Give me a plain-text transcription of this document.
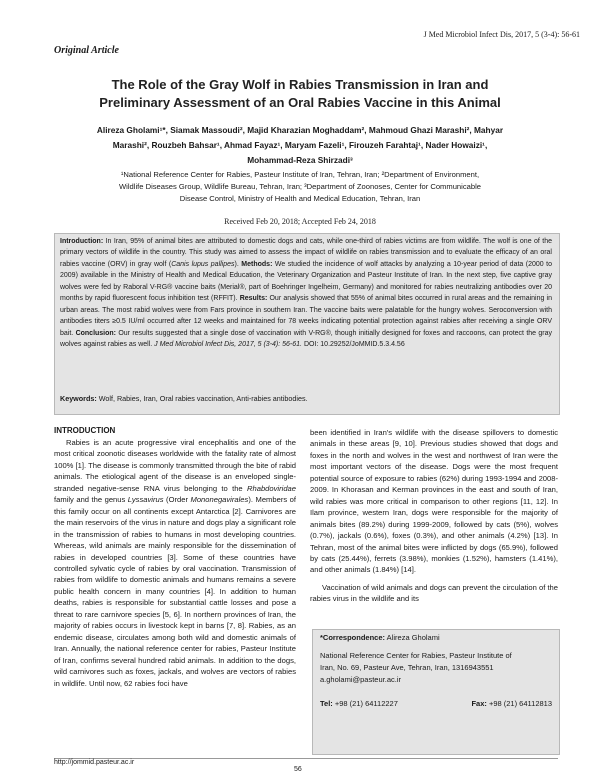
J Med Microbiol Infect Dis, 2017, 5 (3-4): 56-61
Original Article
The Role of the Gray Wolf in Rabies Transmission in Iran and
Preliminary Assessment of an Oral Rabies Vaccine in this Animal
Alireza Gholami¹*, Siamak Massoudi², Majid Kharazian Moghaddam², Mahmoud Ghazi Marashi², Mahyar
Marashi², Rouzbeh Bahsar¹, Ahmad Fayaz¹, Maryam Fazeli¹, Firouzeh Farahtaj¹, Nader Howaizi¹,
Mohammad-Reza Shirzadi³
¹National Reference Center for Rabies, Pasteur Institute of Iran, Tehran, Iran; ²Department of Environment,
Wildlife Diseases Group, Wildlife Bureau, Tehran, Iran; ³Department of Zoonoses, Center for Communicable
Disease Control, Ministry of Health and Medical Education, Tehran, Iran
Received Feb 20, 2018; Accepted Feb 24, 2018
Introduction: In Iran, 95% of animal bites are attributed to domestic dogs and cats, while one-third of rabies victims are from wildlife. The wolf is one of the primary vectors of wildlife in the country. This study was aimed to assess the impact of wildlife on rabies transmission and to evaluate the efficacy of an oral rabies vaccine (ORV) in gray wolf (Canis lupus pallipes). Methods: We studied the incidence of wolf attacks by analyzing a 10-year period of data (2000 to 2009) available in the Ministry of Health and Medical Education, the Veterinary Organization and Pasteur Institute of Iran. In the next step, five captive gray wolves were fed by Raboral V-RG® vaccine baits (Merial®, part of Boehringer Ingelheim, Germany) and monitored for rabies neutralizing antibodies over 20 months by rapid fluorescent focus inhibition test (RFFIT). Results: Our analysis showed that 55% of animal bites occurred in rural areas and the remaining in urban areas. The most rabid wolves were from Fars province in southern Iran. The vaccine baits were palatable for the hungry wolves. Seroconversion with antibodies titers ≥0.5 IU/ml occurred after 12 weeks and maintained for 78 weeks indicating potential protection against rabies after receiving a single ORV bait. Conclusion: Our results suggested that a single dose of vaccination with V-RG®, though initially designed for foxes and raccoons, can protect the gray wolves against rabies as well. J Med Microbiol Infect Dis, 2017, 5 (3-4): 56-61. DOI: 10.29252/JoMMID.5.3.4.56
Keywords: Wolf, Rabies, Iran, Oral rabies vaccination, Anti-rabies antibodies.
INTRODUCTION

Rabies is an acute progressive viral encephalitis and one of the most critical zoonotic diseases worldwide with the fatality rate of almost 100% [1]. The disease is commonly transmitted through the bite of rabid animals. The etiological agent of the disease is an enveloped single-stranded negative-sense RNA virus belonging to the Rhabdoviridae family and the genus Lyssavirus (Order Mononegavirales). Members of this family occur on all continents except Antarctica [2]. Carnivores are the main reservoirs of the virus in nature and dogs play a significant role in the transmission of rabies to humans in most developing countries. Whereas, wild animals are mainly responsible for the dissemination of rabies in developed countries [3]. Some of these countries have controlled sylvatic cycle of rabies by oral vaccination. Transmission of rabies from wildlife to domestic animals and humans remains a severe public health concern in many countries [4]. In addition to human deaths, rabies is responsible for substantial cattle losses and pose a threat to rare carnivore species [5, 6]. In northern provinces of Iran, the majority of rabies occurs in livestock kept in barns [7, 8]. Rabies, as an endemic disease, circulates among both wild and domestic animals of Iran. Annually, the national reference center for rabies, Pasteur Institute of Iran, confirms several hundred rabid animals. In addition to the dogs, wild carnivores such as foxes, jackals, and wolves are vectors of rabies in wildlife. Until now, 62 rabies foci have

been identified in Iran's wildlife with the disease spillovers to domestic animals in these areas [9, 10]. Previous studies showed that dogs and foxes in the north and wolves in the west and northwest of Iran were the most important vectors of the disease. Dogs were the most frequent potential source of exposure to rabies (62%) during 1993-1994 and 2008-2009. In Khorasan and Kerman provinces in the east and south of Iran, wild rabies was more critical in comparison to other regions [11, 12]. In Ilam province, western Iran, dogs were responsible for the majority of animals bites (89.2%) during 1999-2009, followed by cats (5%), wolves (0.7%), jackals (0.6%), foxes (0.3%), and other animals (4.2%) [13]. In Tehran, most of the animal bites were inflicted by dogs (65.9%), followed by cats (25.44%), ferrets (3.98%), monkies (1.52%), hamsters (1.41%), and other animals (1.84%) [14].

Vaccination of wild animals and dogs can prevent the circulation of the rabies virus in the wildlife and its

*Correspondence: Alireza Gholami
National Reference Center for Rabies, Pasteur Institute of
Iran, No. 69, Pasteur Ave, Tehran, Iran, 1316943551
a.gholami@pasteur.ac.ir
Tel: +98 (21) 64112227	Fax: +98 (21) 64112813
http://jommid.pasteur.ac.ir
56
